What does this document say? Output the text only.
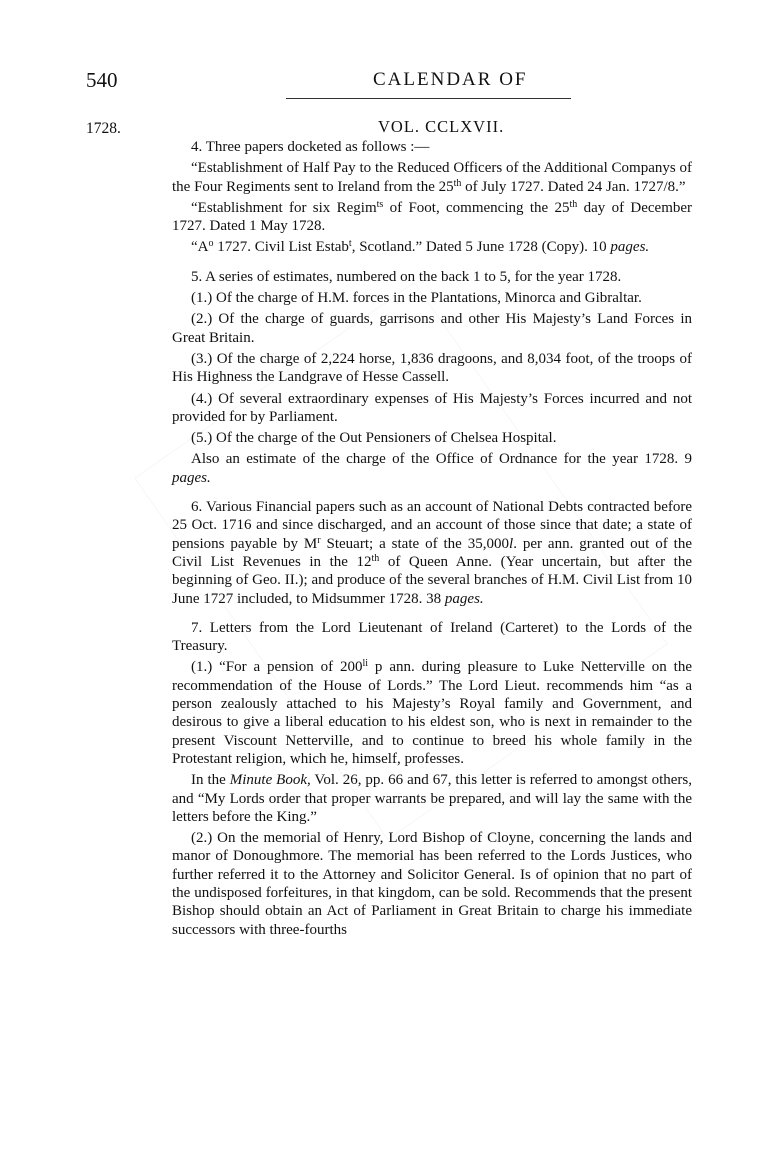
540	CALENDAR OF
1728.	VOL. CCLXVII.

4. Three papers docketed as follows :—

“Establishment of Half Pay to the Reduced Officers of the Additional Companys of the Four Regiments sent to Ireland from the 25th of July 1727. Dated 24 Jan. 1727/8.”

“Establishment for six Regim$^{ts}$ of Foot, commencing the 25th day of December 1727. Dated 1 May 1728.

“$A^o$ 1727. Civil List Estab$^t$, Scotland.” Dated 5 June 1728 (Copy). 10 pages.

5. A series of estimates, numbered on the back 1 to 5, for the year 1728.

(1.) Of the charge of H.M. forces in the Plantations, Minorca and Gibraltar.

(2.) Of the charge of guards, garrisons and other His Majesty’s Land Forces in Great Britain.

(3.) Of the charge of 2,224 horse, 1,836 dragoons, and 8,034 foot, of the troops of His Highness the Landgrave of Hesse Cassell.

(4.) Of several extraordinary expenses of His Majesty’s Forces incurred and not provided for by Parliament.

(5.) Of the charge of the Out Pensioners of Chelsea Hospital.

Also an estimate of the charge of the Office of Ordnance for the year 1728. 9 pages.

6. Various Financial papers such as an account of National Debts contracted before 25 Oct. 1716 and since discharged, and an account of those since that date; a state of pensions payable by $M^r$ Steuart; a state of the 35,000l. per ann. granted out of the Civil List Revenues in the 12th of Queen Anne. (Year uncertain, but after the beginning of Geo. II.); and produce of the several branches of H.M. Civil List from 10 June 1727 included, to Midsummer 1728. 38 pages.

7. Letters from the Lord Lieutenant of Ireland (Carteret) to the Lords of the Treasury.

(1.) “For a pension of $200^{li}$ p ann. during pleasure to Luke Netterville on the recommendation of the House of Lords.” The Lord Lieut. recommends him “as a person zealously attached to his Majesty’s Royal family and Government, and desirous to give a liberal education to his eldest son, who is next in remainder to the present Viscount Netterville, and to continue to breed his whole family in the Protestant religion, which he, himself, professes.

In the Minute Book, Vol. 26, pp. 66 and 67, this letter is referred to amongst others, and “My Lords order that proper warrants be prepared, and will lay the same with the letters before the King.”

(2.) On the memorial of Henry, Lord Bishop of Cloyne, concerning the lands and manor of Donoughmore. The memorial has been referred to the Lords Justices, who further referred it to the Attorney and Solicitor General. Is of opinion that no part of the undisposed forfeitures, in that kingdom, can be sold. Recommends that the present Bishop should obtain an Act of Parliament in Great Britain to charge his immediate successors with three-fourths
